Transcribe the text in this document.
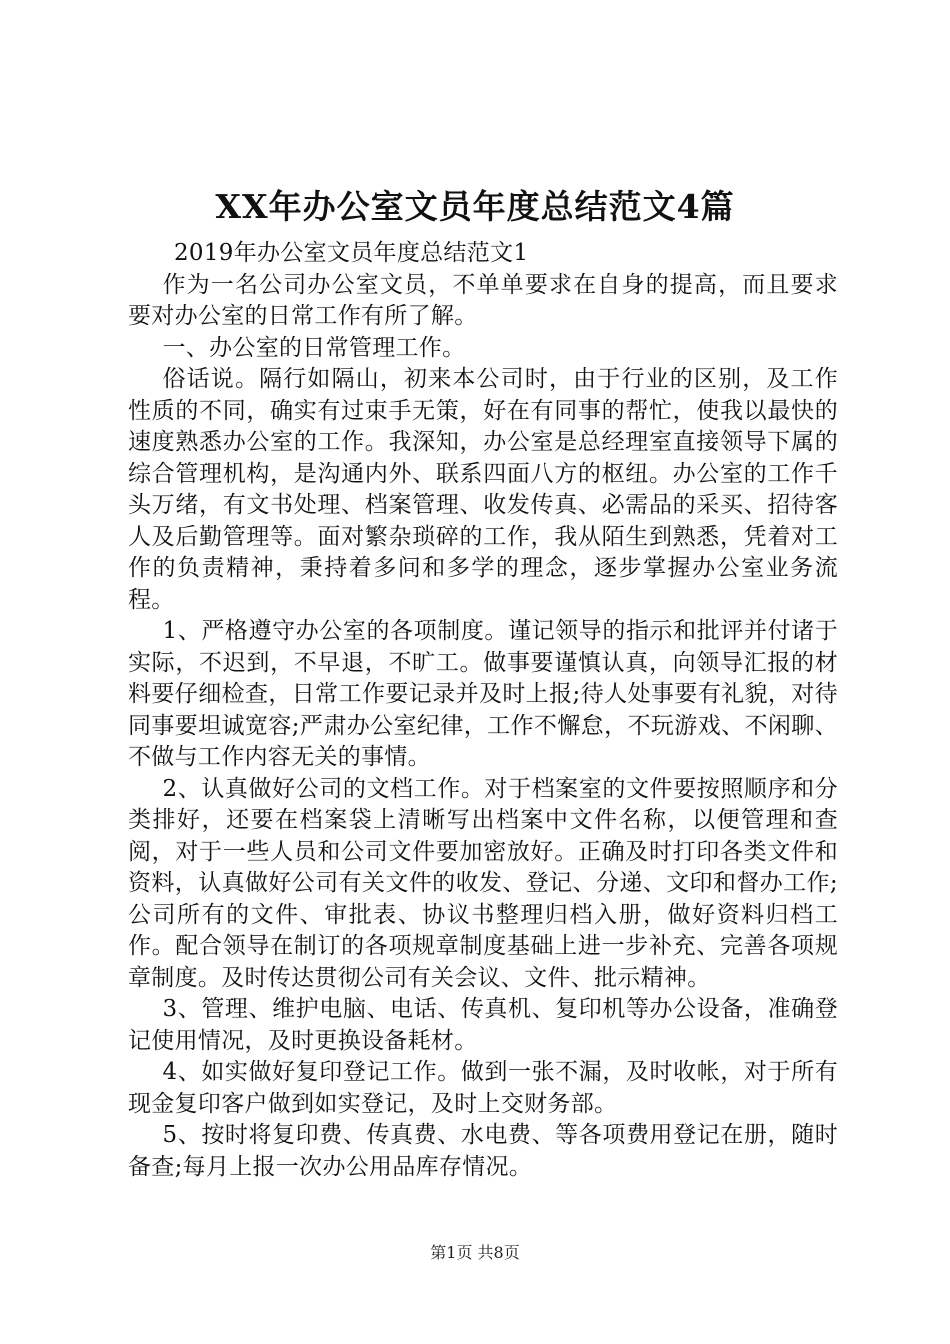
XX年办公室文员年度总结范文4篇

2019年办公室文员年度总结范文1

作为一名公司办公室文员，不单单要求在自身的提高，而且要求要对办公室的日常工作有所了解。

一、办公室的日常管理工作。

俗话说。隔行如隔山，初来本公司时，由于行业的区别，及工作性质的不同，确实有过束手无策，好在有同事的帮忙，使我以最快的速度熟悉办公室的工作。我深知，办公室是总经理室直接领导下属的综合管理机构，是沟通内外、联系四面八方的枢纽。办公室的工作千头万绪，有文书处理、档案管理、收发传真、必需品的采买、招待客人及后勤管理等。面对繁杂琐碎的工作，我从陌生到熟悉，凭着对工作的负责精神，秉持着多问和多学的理念，逐步掌握办公室业务流程。

1、严格遵守办公室的各项制度。谨记领导的指示和批评并付诸于实际，不迟到，不早退，不旷工。做事要谨慎认真，向领导汇报的材料要仔细检查，日常工作要记录并及时上报;待人处事要有礼貌，对待同事要坦诚宽容;严肃办公室纪律，工作不懈怠，不玩游戏、不闲聊、不做与工作内容无关的事情。

2、认真做好公司的文档工作。对于档案室的文件要按照顺序和分类排好，还要在档案袋上清晰写出档案中文件名称，以便管理和查阅，对于一些人员和公司文件要加密放好。正确及时打印各类文件和资料，认真做好公司有关文件的收发、登记、分递、文印和督办工作;公司所有的文件、审批表、协议书整理归档入册，做好资料归档工作。配合领导在制订的各项规章制度基础上进一步补充、完善各项规章制度。及时传达贯彻公司有关会议、文件、批示精神。

3、管理、维护电脑、电话、传真机、复印机等办公设备，准确登记使用情况，及时更换设备耗材。

4、如实做好复印登记工作。做到一张不漏，及时收帐，对于所有现金复印客户做到如实登记，及时上交财务部。

5、按时将复印费、传真费、水电费、等各项费用登记在册，随时备查;每月上报一次办公用品库存情况。

第1页 共8页
